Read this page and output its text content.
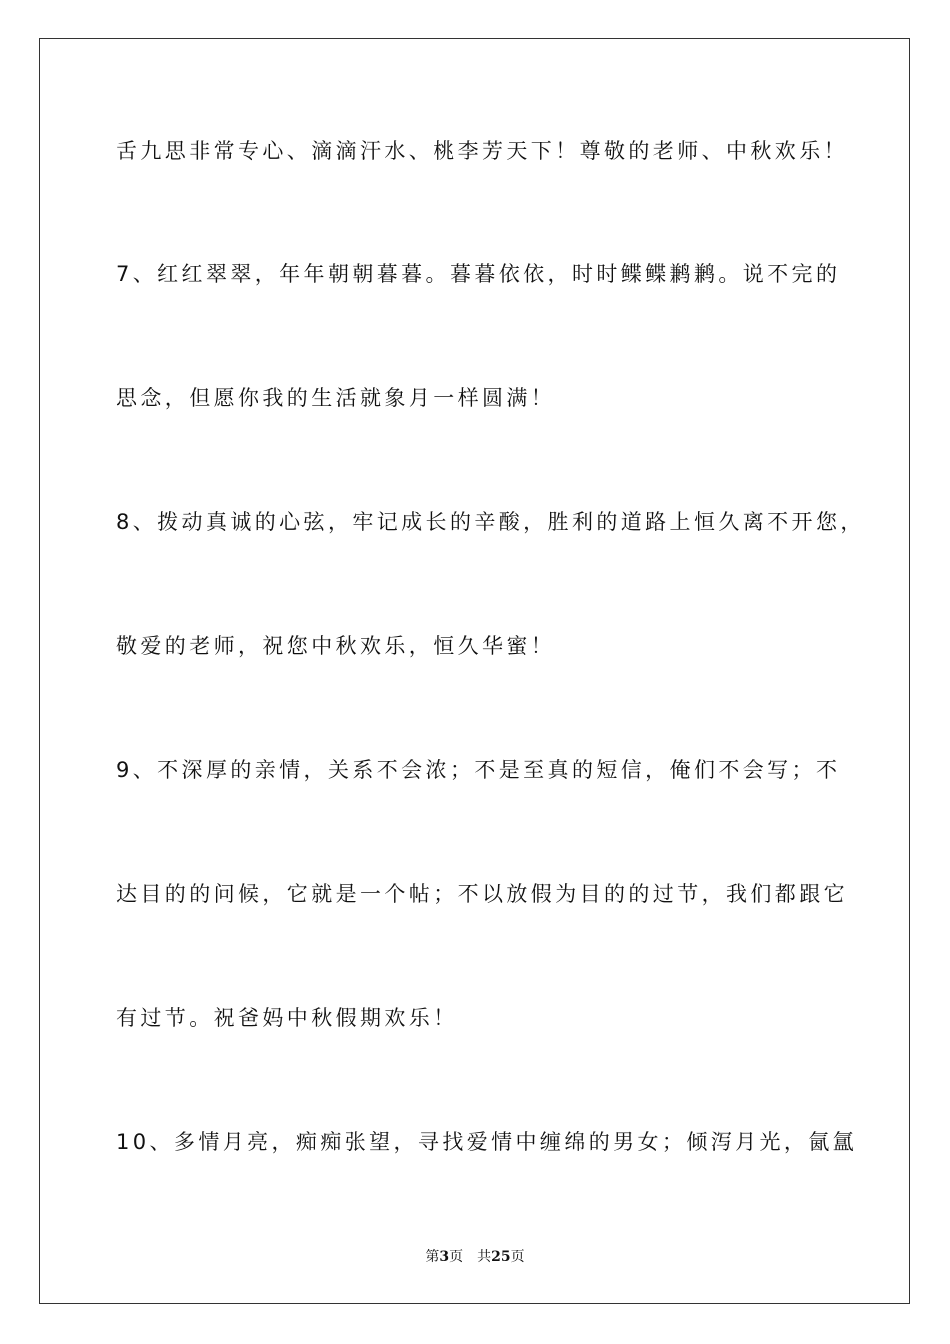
舌九思非常专心、滴滴汗水、桃李芳天下！尊敬的老师、中秋欢乐！
7、红红翠翠，年年朝朝暮暮。暮暮依依，时时鲽鲽鹣鹣。说不完的
思念，但愿你我的生活就象月一样圆满！
8、拨动真诚的心弦，牢记成长的辛酸，胜利的道路上恒久离不开您，
敬爱的老师，祝您中秋欢乐，恒久华蜜！
9、不深厚的亲情，关系不会浓；不是至真的短信，俺们不会写；不
达目的的问候，它就是一个帖；不以放假为目的的过节，我们都跟它
有过节。祝爸妈中秋假期欢乐！
10、多情月亮，痴痴张望，寻找爱情中缠绵的男女；倾泻月光，氤氲
第3页 共25页
